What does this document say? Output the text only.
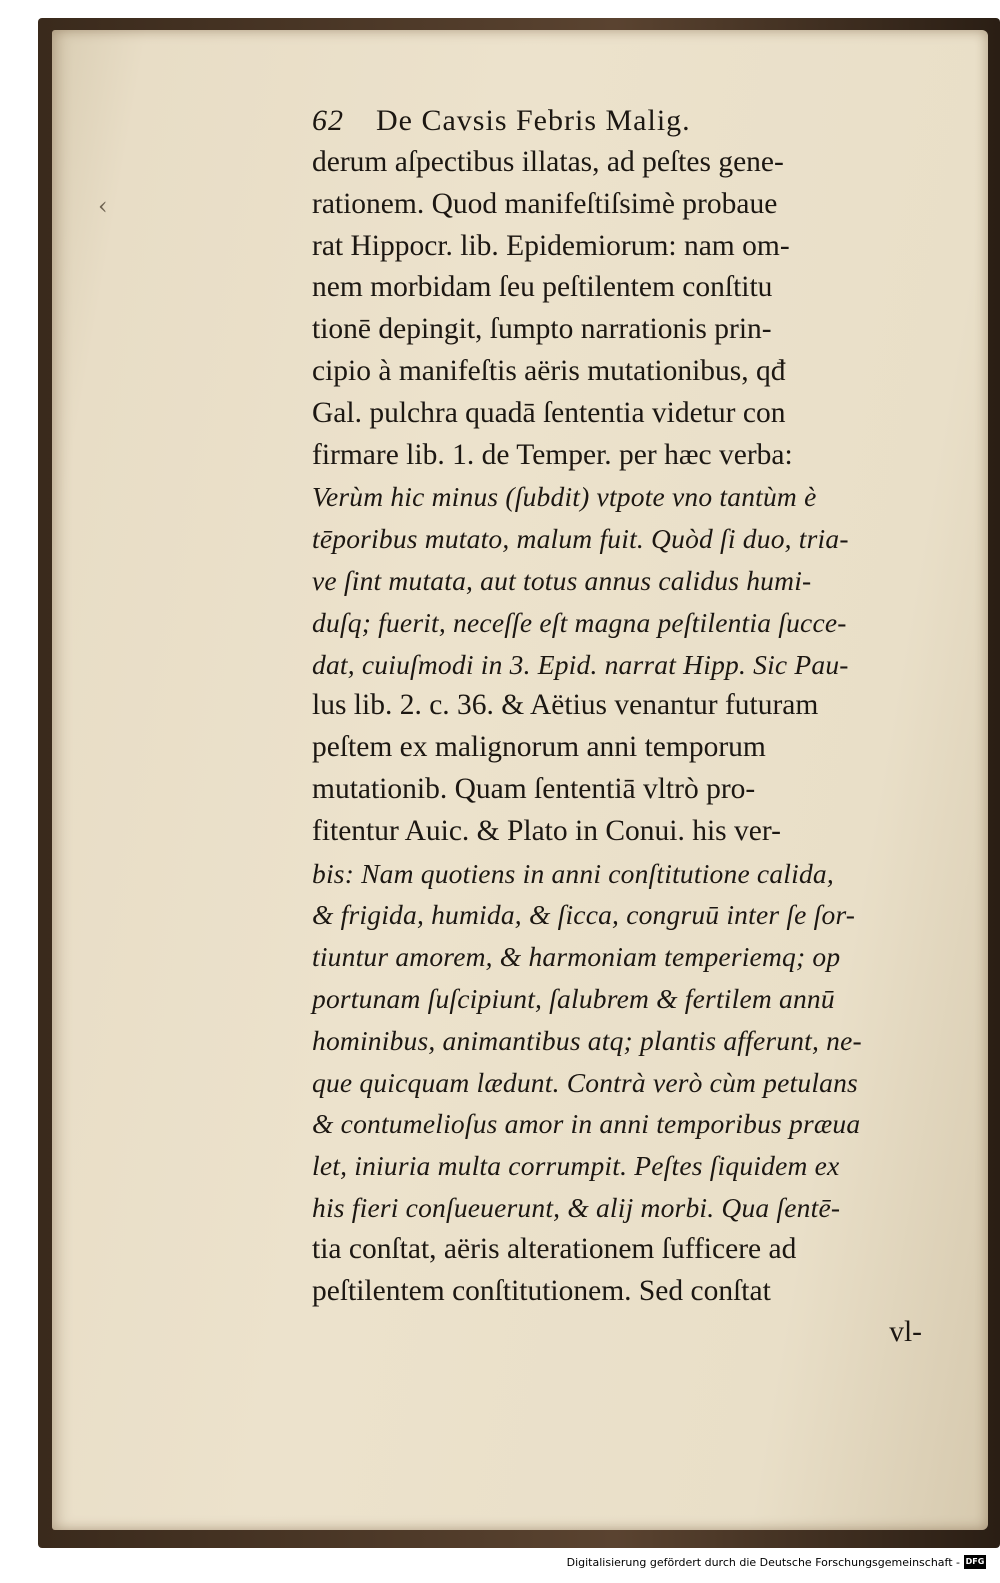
‹
62 De Cavsis Febris Malig.
derum aſpectibus illatas, ad peſtes gene-
rationem. Quod manifeſtiſsimè probaue
rat Hippocr. lib. Epidemiorum: nam om-
nem morbidam ſeu peſtilentem conſtitu
tionē depingit, ſumpto narrationis prin-
cipio à manifeſtis aëris mutationibus, qđ
Gal. pulchra quadā ſententia videtur con
firmare lib. 1. de Temper. per hæc verba:
Verùm hic minus (ſubdit) vtpote vno tantùm è
tēporibus mutato, malum fuit. Quòd ſi duo, tria-
ve ſint mutata, aut totus annus calidus humi-
duſq; fuerit, neceſſe eſt magna peſtilentia ſucce-
dat, cuiuſmodi in 3. Epid. narrat Hipp. Sic Pau-
lus lib. 2. c. 36. & Aëtius venantur futuram
peſtem ex malignorum anni temporum
mutationib. Quam ſententiā vltrò pro-
fitentur Auic. & Plato in Conui. his ver-
bis: Nam quotiens in anni conſtitutione calida,
& frigida, humida, & ſicca, congruū inter ſe ſor-
tiuntur amorem, & harmoniam temperiemq; op
portunam ſuſcipiunt, ſalubrem & fertilem annū
hominibus, animantibus atq; plantis afferunt, ne-
que quicquam lædunt. Contrà verò cùm petulans
& contumelioſus amor in anni temporibus præua
let, iniuria multa corrumpit. Peſtes ſiquidem ex
his fieri conſueuerunt, & alij morbi. Qua ſentē-
tia conſtat, aëris alterationem ſufficere ad
peſtilentem conſtitutionem. Sed conſtat
vl-
Digitalisierung gefördert durch die Deutsche Forschungsgemeinschaft - DFG
